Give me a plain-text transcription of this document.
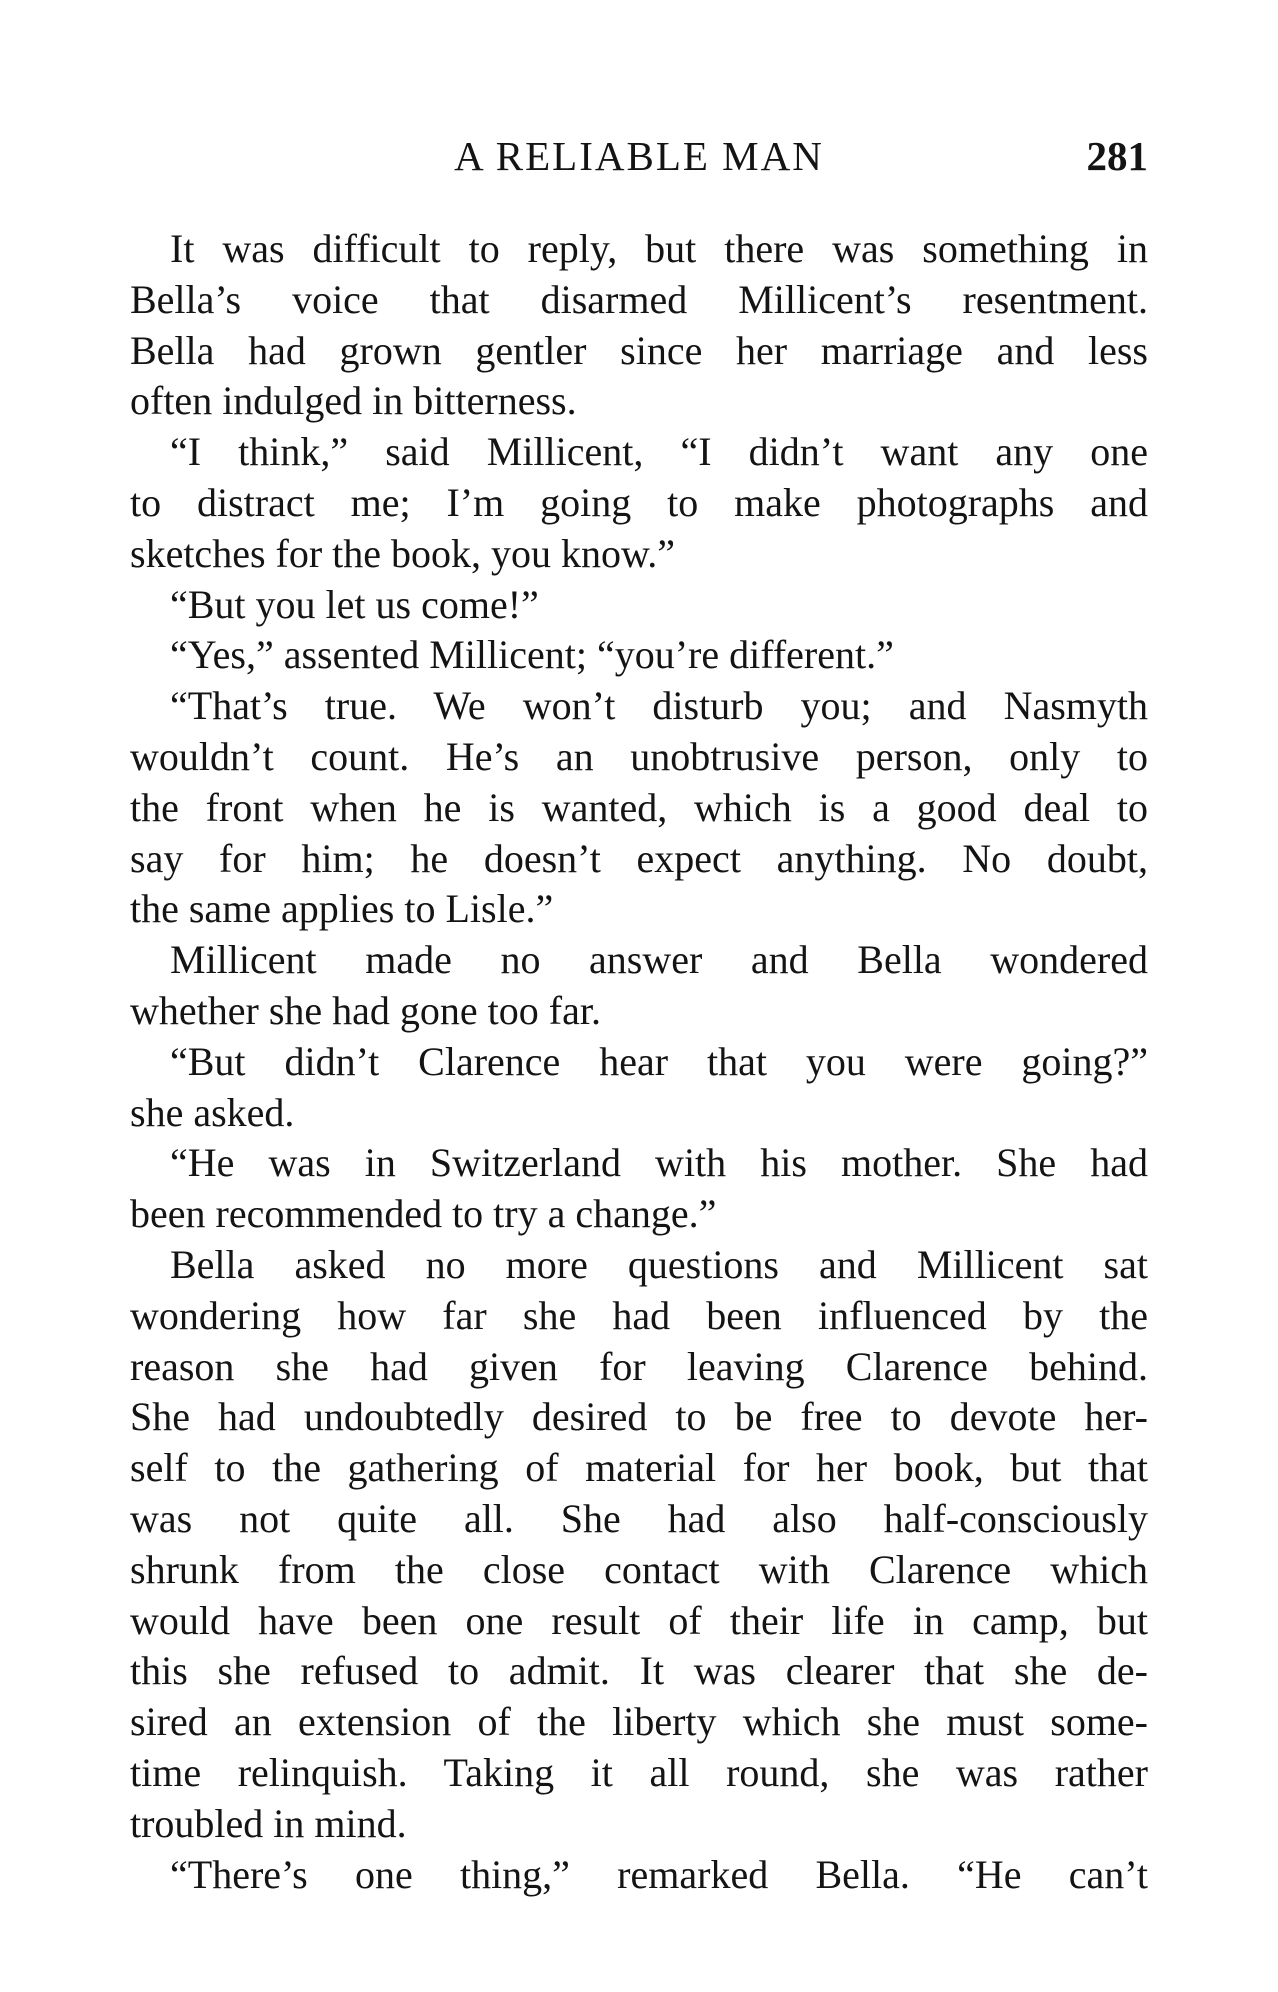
A RELIABLE MAN	281
It was difficult to reply, but there was something in
Bella’s voice that disarmed Millicent’s resentment.
Bella had grown gentler since her marriage and less
often indulged in bitterness.
“I think,” said Millicent, “I didn’t want any one
to distract me; I’m going to make photographs and
sketches for the book, you know.”
“But you let us come!”
“Yes,” assented Millicent; “you’re different.”
“That’s true. We won’t disturb you; and Nasmyth
wouldn’t count. He’s an unobtrusive person, only to
the front when he is wanted, which is a good deal to
say for him; he doesn’t expect anything. No doubt,
the same applies to Lisle.”
Millicent made no answer and Bella wondered
whether she had gone too far.
“But didn’t Clarence hear that you were going?”
she asked.
“He was in Switzerland with his mother. She had
been recommended to try a change.”
Bella asked no more questions and Millicent sat
wondering how far she had been influenced by the
reason she had given for leaving Clarence behind.
She had undoubtedly desired to be free to devote her-
self to the gathering of material for her book, but that
was not quite all. She had also half-consciously
shrunk from the close contact with Clarence which
would have been one result of their life in camp, but
this she refused to admit. It was clearer that she de-
sired an extension of the liberty which she must some-
time relinquish. Taking it all round, she was rather
troubled in mind.
“There’s one thing,” remarked Bella. “He can’t
